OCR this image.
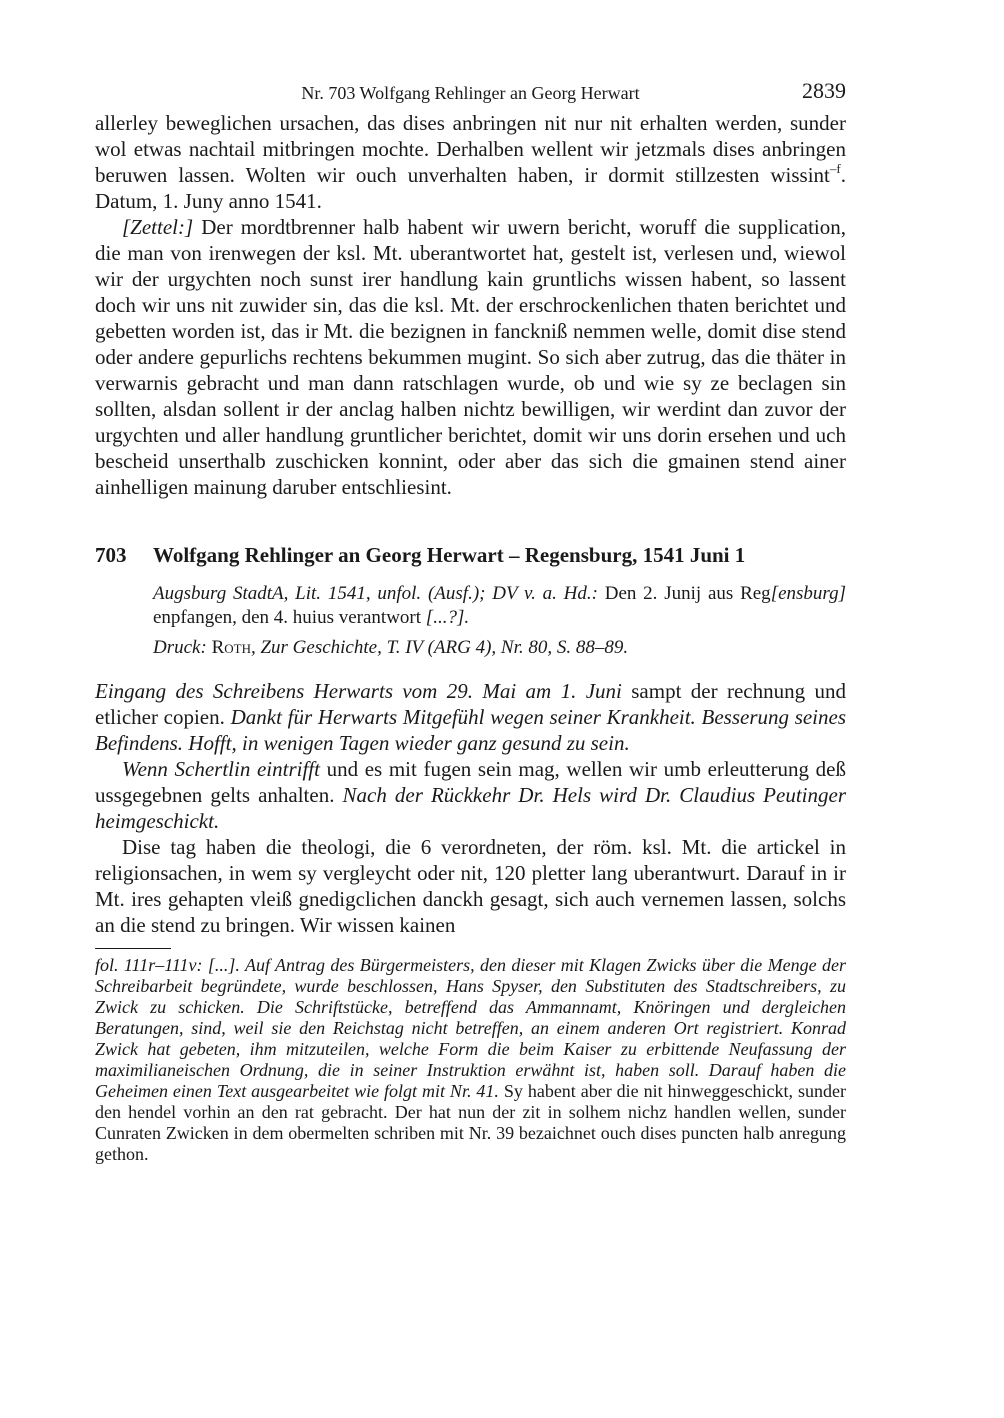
Nr. 703 Wolfgang Rehlinger an Georg Herwart	2839

allerley beweglichen ursachen, das dises anbringen nit nur nit erhalten werden, sunder wol etwas nachtail mitbringen mochte. Derhalben wellent wir jetzmals dises anbringen beruwen lassen. Wolten wir ouch unverhalten haben, ir dormit stillzesten wissint$^{-f}$. Datum, 1. Juny anno 1541.

[Zettel:] Der mordtbrenner halb habent wir uwern bericht, woruff die supplication, die man von irenwegen der ksl. Mt. uberantwortet hat, gestelt ist, verlesen und, wiewol wir der urgychten noch sunst irer handlung kain gruntlichs wissen habent, so lassent doch wir uns nit zuwider sin, das die ksl. Mt. der erschrockenlichen thaten berichtet und gebetten worden ist, das ir Mt. die bezignen in fanckniß nemmen welle, domit dise stend oder andere gepurlichs rechtens bekummen mugint. So sich aber zutrug, das die thäter in verwarnis gebracht und man dann ratschlagen wurde, ob und wie sy ze beclagen sin sollten, alsdan sollent ir der anclag halben nichtz bewilligen, wir werdint dan zuvor der urgychten und aller handlung gruntlicher berichtet, domit wir uns dorin ersehen und uch bescheid unserthalb zuschicken konnint, oder aber das sich die gmainen stend ainer ainhelligen mainung daruber entschliesint.

703	Wolfgang Rehlinger an Georg Herwart – Regensburg, 1541 Juni 1

Augsburg StadtA, Lit. 1541, unfol. (Ausf.); DV v. a. Hd.: Den 2. Junij aus Reg[ensburg] enpfangen, den 4. huius verantwort [...?].

Druck: Roth, Zur Geschichte, T. IV (ARG 4), Nr. 80, S. 88–89.

Eingang des Schreibens Herwarts vom 29. Mai am 1. Juni sampt der rechnung und etlicher copien. Dankt für Herwarts Mitgefühl wegen seiner Krankheit. Besserung seines Befindens. Hofft, in wenigen Tagen wieder ganz gesund zu sein.

Wenn Schertlin eintrifft und es mit fugen sein mag, wellen wir umb erleutterung deß ussgegebnen gelts anhalten. Nach der Rückkehr Dr. Hels wird Dr. Claudius Peutinger heimgeschickt.

Dise tag haben die theologi, die 6 verordneten, der röm. ksl. Mt. die artickel in religionsachen, in wem sy vergleycht oder nit, 120 pletter lang uberantwurt. Darauf in ir Mt. ires gehapten vleiß gnedigclichen danckh gesagt, sich auch vernemen lassen, solchs an die stend zu bringen. Wir wissen kainen

fol. 111r–111v: [...]. Auf Antrag des Bürgermeisters, den dieser mit Klagen Zwicks über die Menge der Schreibarbeit begründete, wurde beschlossen, Hans Spyser, den Substituten des Stadtschreibers, zu Zwick zu schicken. Die Schriftstücke, betreffend das Ammannamt, Knöringen und dergleichen Beratungen, sind, weil sie den Reichstag nicht betreffen, an einem anderen Ort registriert. Konrad Zwick hat gebeten, ihm mitzuteilen, welche Form die beim Kaiser zu erbittende Neufassung der maximilianeischen Ordnung, die in seiner Instruktion erwähnt ist, haben soll. Darauf haben die Geheimen einen Text ausgearbeitet wie folgt mit Nr. 41. Sy habent aber die nit hinweggeschickt, sunder den hendel vorhin an den rat gebracht. Der hat nun der zit in solhem nichz handlen wellen, sunder Cunraten Zwicken in dem obermelten schriben mit Nr. 39 bezaichnet ouch dises puncten halb anregung gethon.
